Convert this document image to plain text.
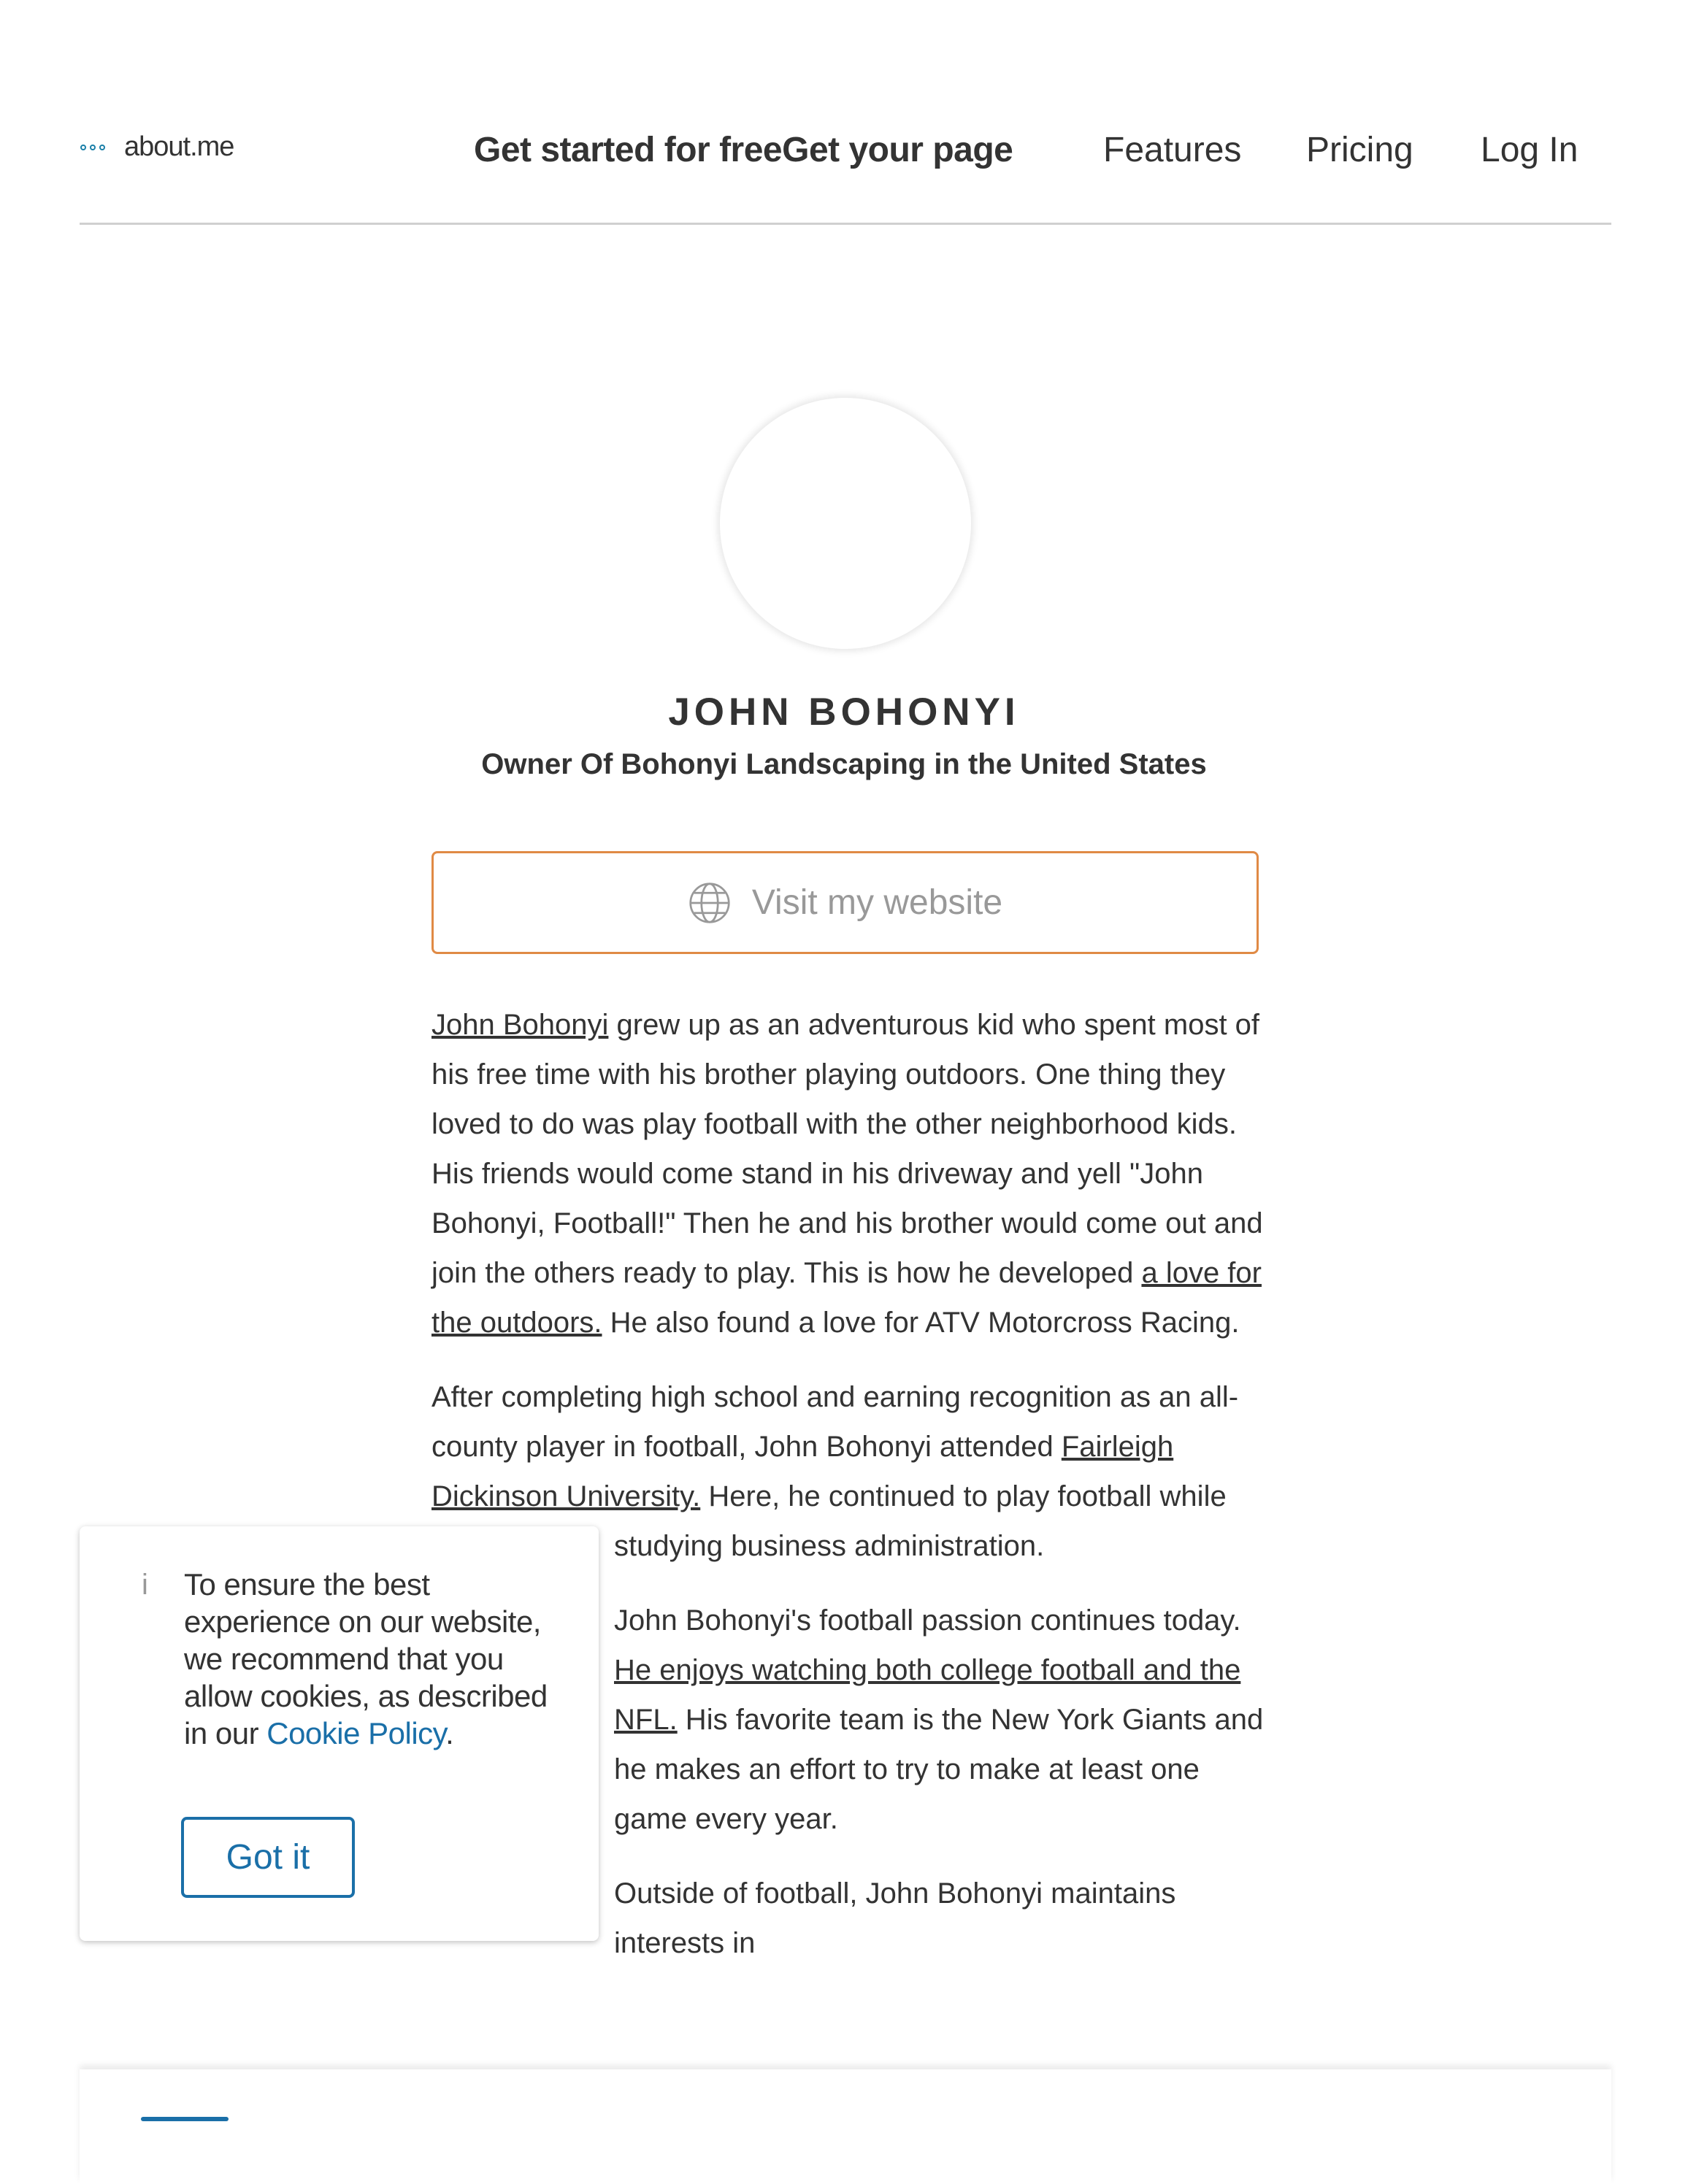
about.me	Get started for freeGet your page	Features Pricing Log In
JOHN BOHONYI
Owner Of Bohonyi Landscaping in the United States
Visit my website

John Bohonyi grew up as an adventurous kid who spent most of his free time with his brother playing outdoors. One thing they loved to do was play football with the other neighborhood kids. His friends would come stand in his driveway and yell "John Bohonyi, Football!" Then he and his brother would come out and join the others ready to play. This is how he developed a love for the outdoors. He also found a love for ATV Motorcross Racing.

After completing high school and earning recognition as an all-county player in football, John Bohonyi attended Fairleigh Dickinson University. Here, he continued to play football while studying business administration.

John Bohonyi's football passion continues today. He enjoys watching both college football and the NFL. His favorite team is the New York Giants and he makes an effort to try to make at least one game every year.

Outside of football, John Bohonyi maintains interests in

i To ensure the best experience on our website, we recommend that you allow cookies, as described in our Cookie Policy.
Got it
